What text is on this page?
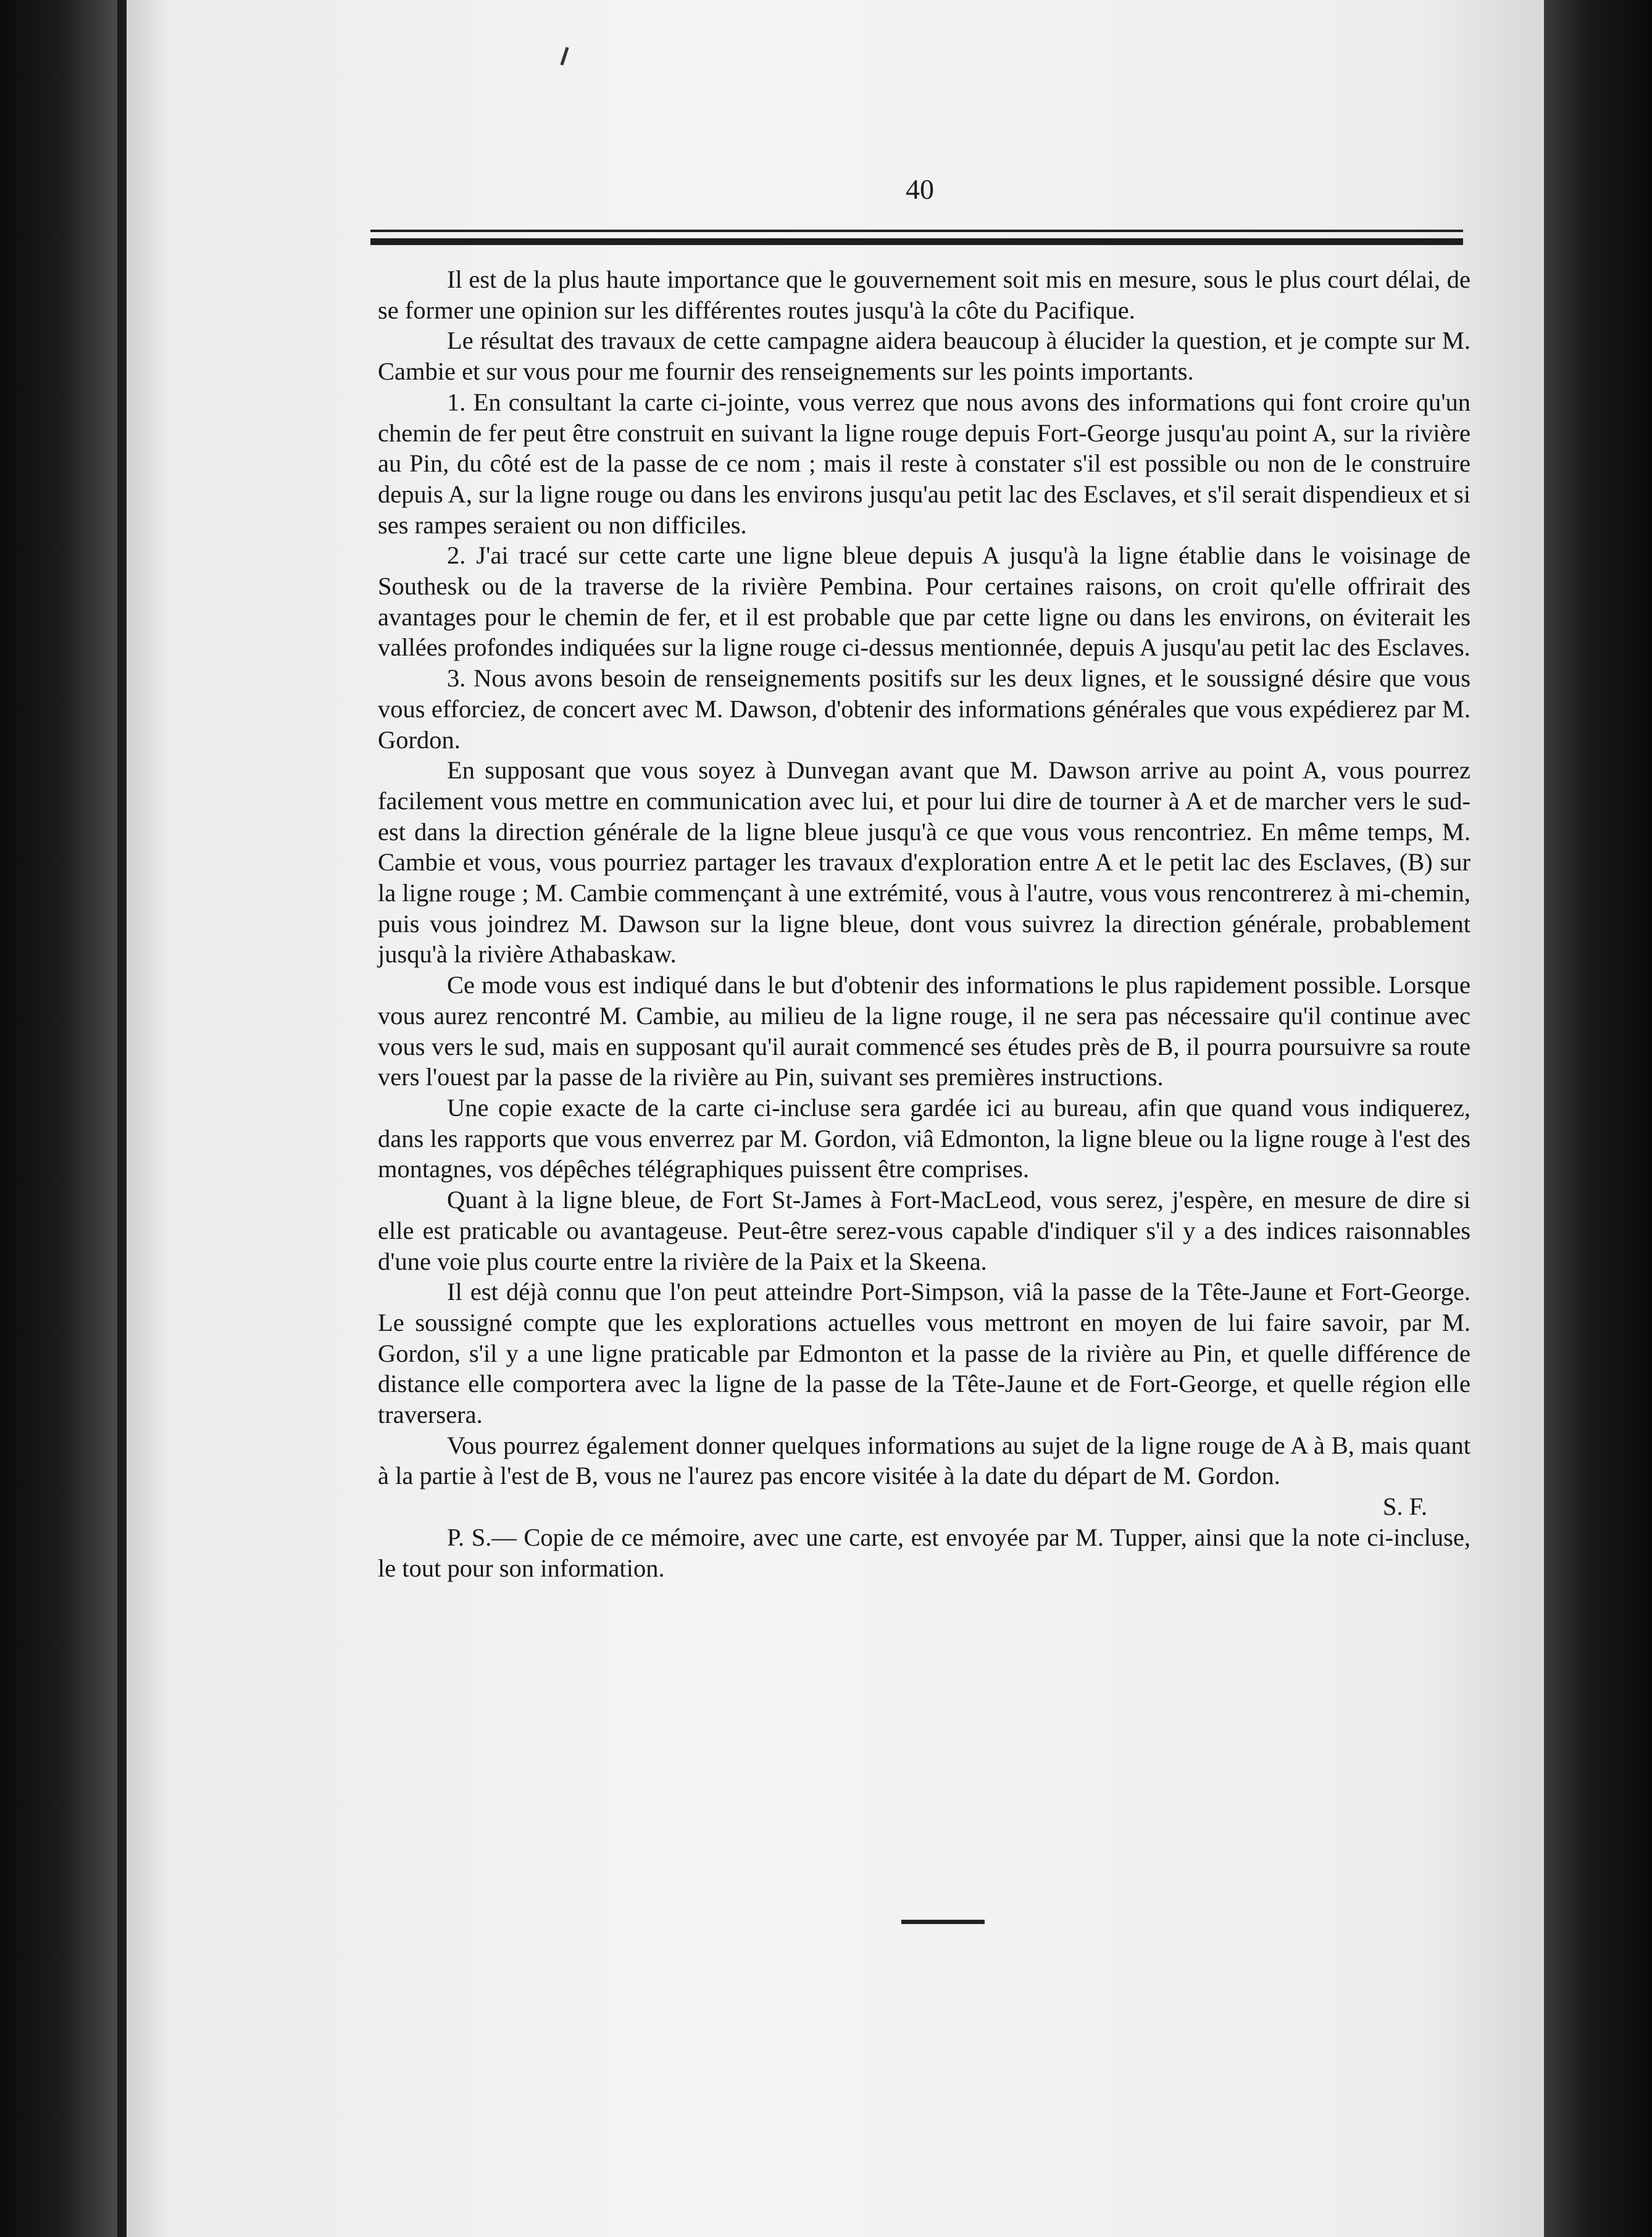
40

Il est de la plus haute importance que le gouvernement soit mis en mesure, sous le plus court délai, de se former une opinion sur les différentes routes jusqu'à la côte du Pacifique.

Le résultat des travaux de cette campagne aidera beaucoup à élucider la question, et je compte sur M. Cambie et sur vous pour me fournir des renseignements sur les points importants.

1. En consultant la carte ci-jointe, vous verrez que nous avons des informations qui font croire qu'un chemin de fer peut être construit en suivant la ligne rouge depuis Fort-George jusqu'au point A, sur la rivière au Pin, du côté est de la passe de ce nom ; mais il reste à constater s'il est possible ou non de le construire depuis A, sur la ligne rouge ou dans les environs jusqu'au petit lac des Esclaves, et s'il serait dispendieux et si ses rampes seraient ou non difficiles.

2. J'ai tracé sur cette carte une ligne bleue depuis A jusqu'à la ligne établie dans le voisinage de Southesk ou de la traverse de la rivière Pembina. Pour certaines raisons, on croit qu'elle offrirait des avantages pour le chemin de fer, et il est probable que par cette ligne ou dans les environs, on éviterait les vallées profondes indiquées sur la ligne rouge ci-dessus mentionnée, depuis A jusqu'au petit lac des Esclaves.

3. Nous avons besoin de renseignements positifs sur les deux lignes, et le soussigné désire que vous vous efforciez, de concert avec M. Dawson, d'obtenir des informations générales que vous expédierez par M. Gordon.

En supposant que vous soyez à Dunvegan avant que M. Dawson arrive au point A, vous pourrez facilement vous mettre en communication avec lui, et pour lui dire de tourner à A et de marcher vers le sud-est dans la direction générale de la ligne bleue jusqu'à ce que vous vous rencontriez. En même temps, M. Cambie et vous, vous pourriez partager les travaux d'exploration entre A et le petit lac des Esclaves, (B) sur la ligne rouge ; M. Cambie commençant à une extrémité, vous à l'autre, vous vous rencontrerez à mi-chemin, puis vous joindrez M. Dawson sur la ligne bleue, dont vous suivrez la direction générale, probablement jusqu'à la rivière Athabaskaw.

Ce mode vous est indiqué dans le but d'obtenir des informations le plus rapidement possible. Lorsque vous aurez rencontré M. Cambie, au milieu de la ligne rouge, il ne sera pas nécessaire qu'il continue avec vous vers le sud, mais en supposant qu'il aurait commencé ses études près de B, il pourra poursuivre sa route vers l'ouest par la passe de la rivière au Pin, suivant ses premières instructions.

Une copie exacte de la carte ci-incluse sera gardée ici au bureau, afin que quand vous indiquerez, dans les rapports que vous enverrez par M. Gordon, viâ Edmonton, la ligne bleue ou la ligne rouge à l'est des montagnes, vos dépêches télégraphiques puissent être comprises.

Quant à la ligne bleue, de Fort St-James à Fort-MacLeod, vous serez, j'espère, en mesure de dire si elle est praticable ou avantageuse. Peut-être serez-vous capable d'indiquer s'il y a des indices raisonnables d'une voie plus courte entre la rivière de la Paix et la Skeena.

Il est déjà connu que l'on peut atteindre Port-Simpson, viâ la passe de la Tête-Jaune et Fort-George. Le soussigné compte que les explorations actuelles vous mettront en moyen de lui faire savoir, par M. Gordon, s'il y a une ligne praticable par Edmonton et la passe de la rivière au Pin, et quelle différence de distance elle comportera avec la ligne de la passe de la Tête-Jaune et de Fort-George, et quelle région elle traversera.

Vous pourrez également donner quelques informations au sujet de la ligne rouge de A à B, mais quant à la partie à l'est de B, vous ne l'aurez pas encore visitée à la date du départ de M. Gordon.

S. F.

P. S.— Copie de ce mémoire, avec une carte, est envoyée par M. Tupper, ainsi que la note ci-incluse, le tout pour son information.
